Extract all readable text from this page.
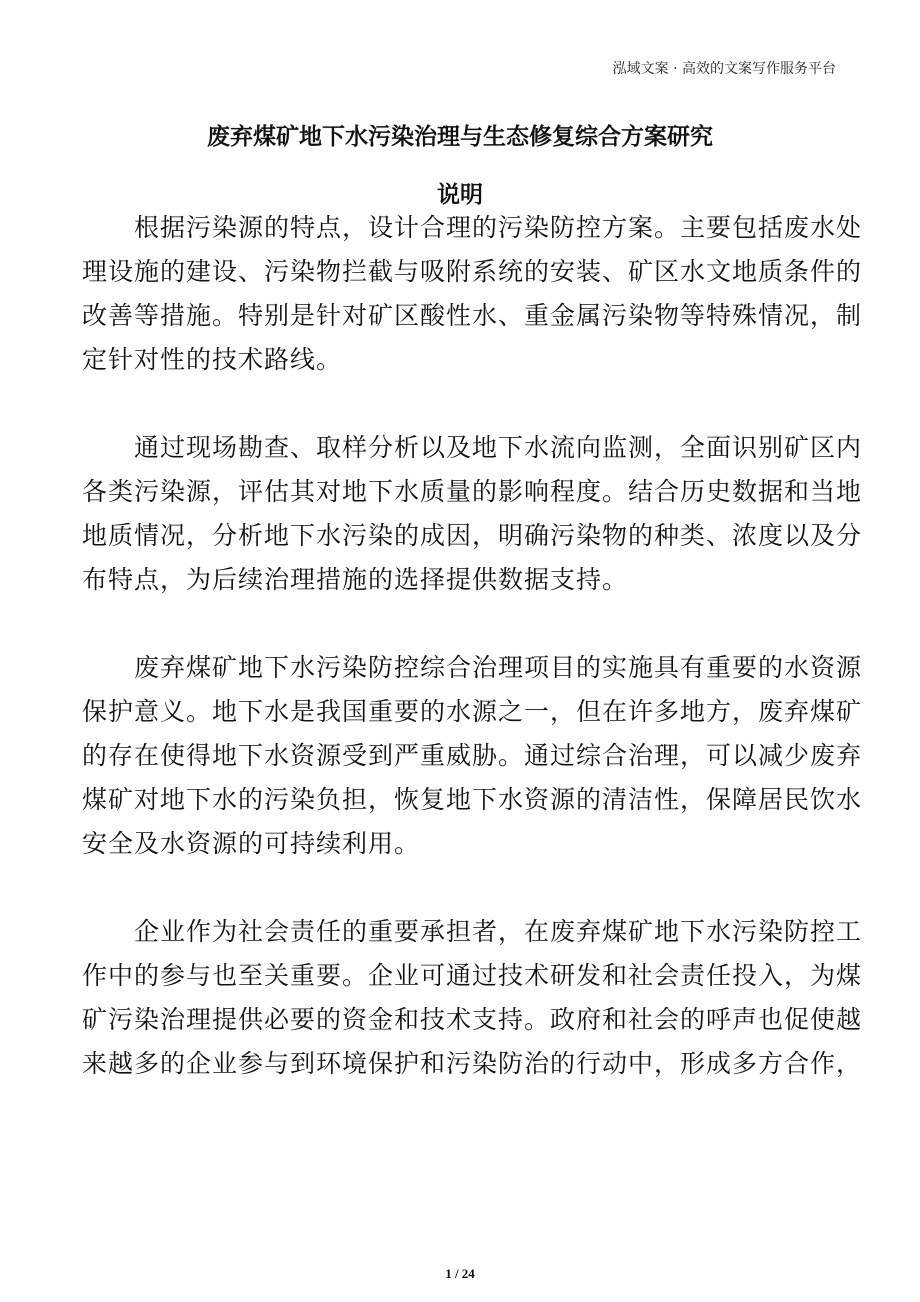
泓域文案 · 高效的文案写作服务平台
废弃煤矿地下水污染治理与生态修复综合方案研究
说明
根据污染源的特点，设计合理的污染防控方案。主要包括废水处
理设施的建设、污染物拦截与吸附系统的安装、矿区水文地质条件的
改善等措施。特别是针对矿区酸性水、重金属污染物等特殊情况，制
定针对性的技术路线。
通过现场勘查、取样分析以及地下水流向监测，全面识别矿区内
各类污染源，评估其对地下水质量的影响程度。结合历史数据和当地
地质情况，分析地下水污染的成因，明确污染物的种类、浓度以及分
布特点，为后续治理措施的选择提供数据支持。
废弃煤矿地下水污染防控综合治理项目的实施具有重要的水资源
保护意义。地下水是我国重要的水源之一，但在许多地方，废弃煤矿
的存在使得地下水资源受到严重威胁。通过综合治理，可以减少废弃
煤矿对地下水的污染负担，恢复地下水资源的清洁性，保障居民饮水
安全及水资源的可持续利用。
企业作为社会责任的重要承担者，在废弃煤矿地下水污染防控工
作中的参与也至关重要。企业可通过技术研发和社会责任投入，为煤
矿污染治理提供必要的资金和技术支持。政府和社会的呼声也促使越
来越多的企业参与到环境保护和污染防治的行动中，形成多方合作，
1 / 24
